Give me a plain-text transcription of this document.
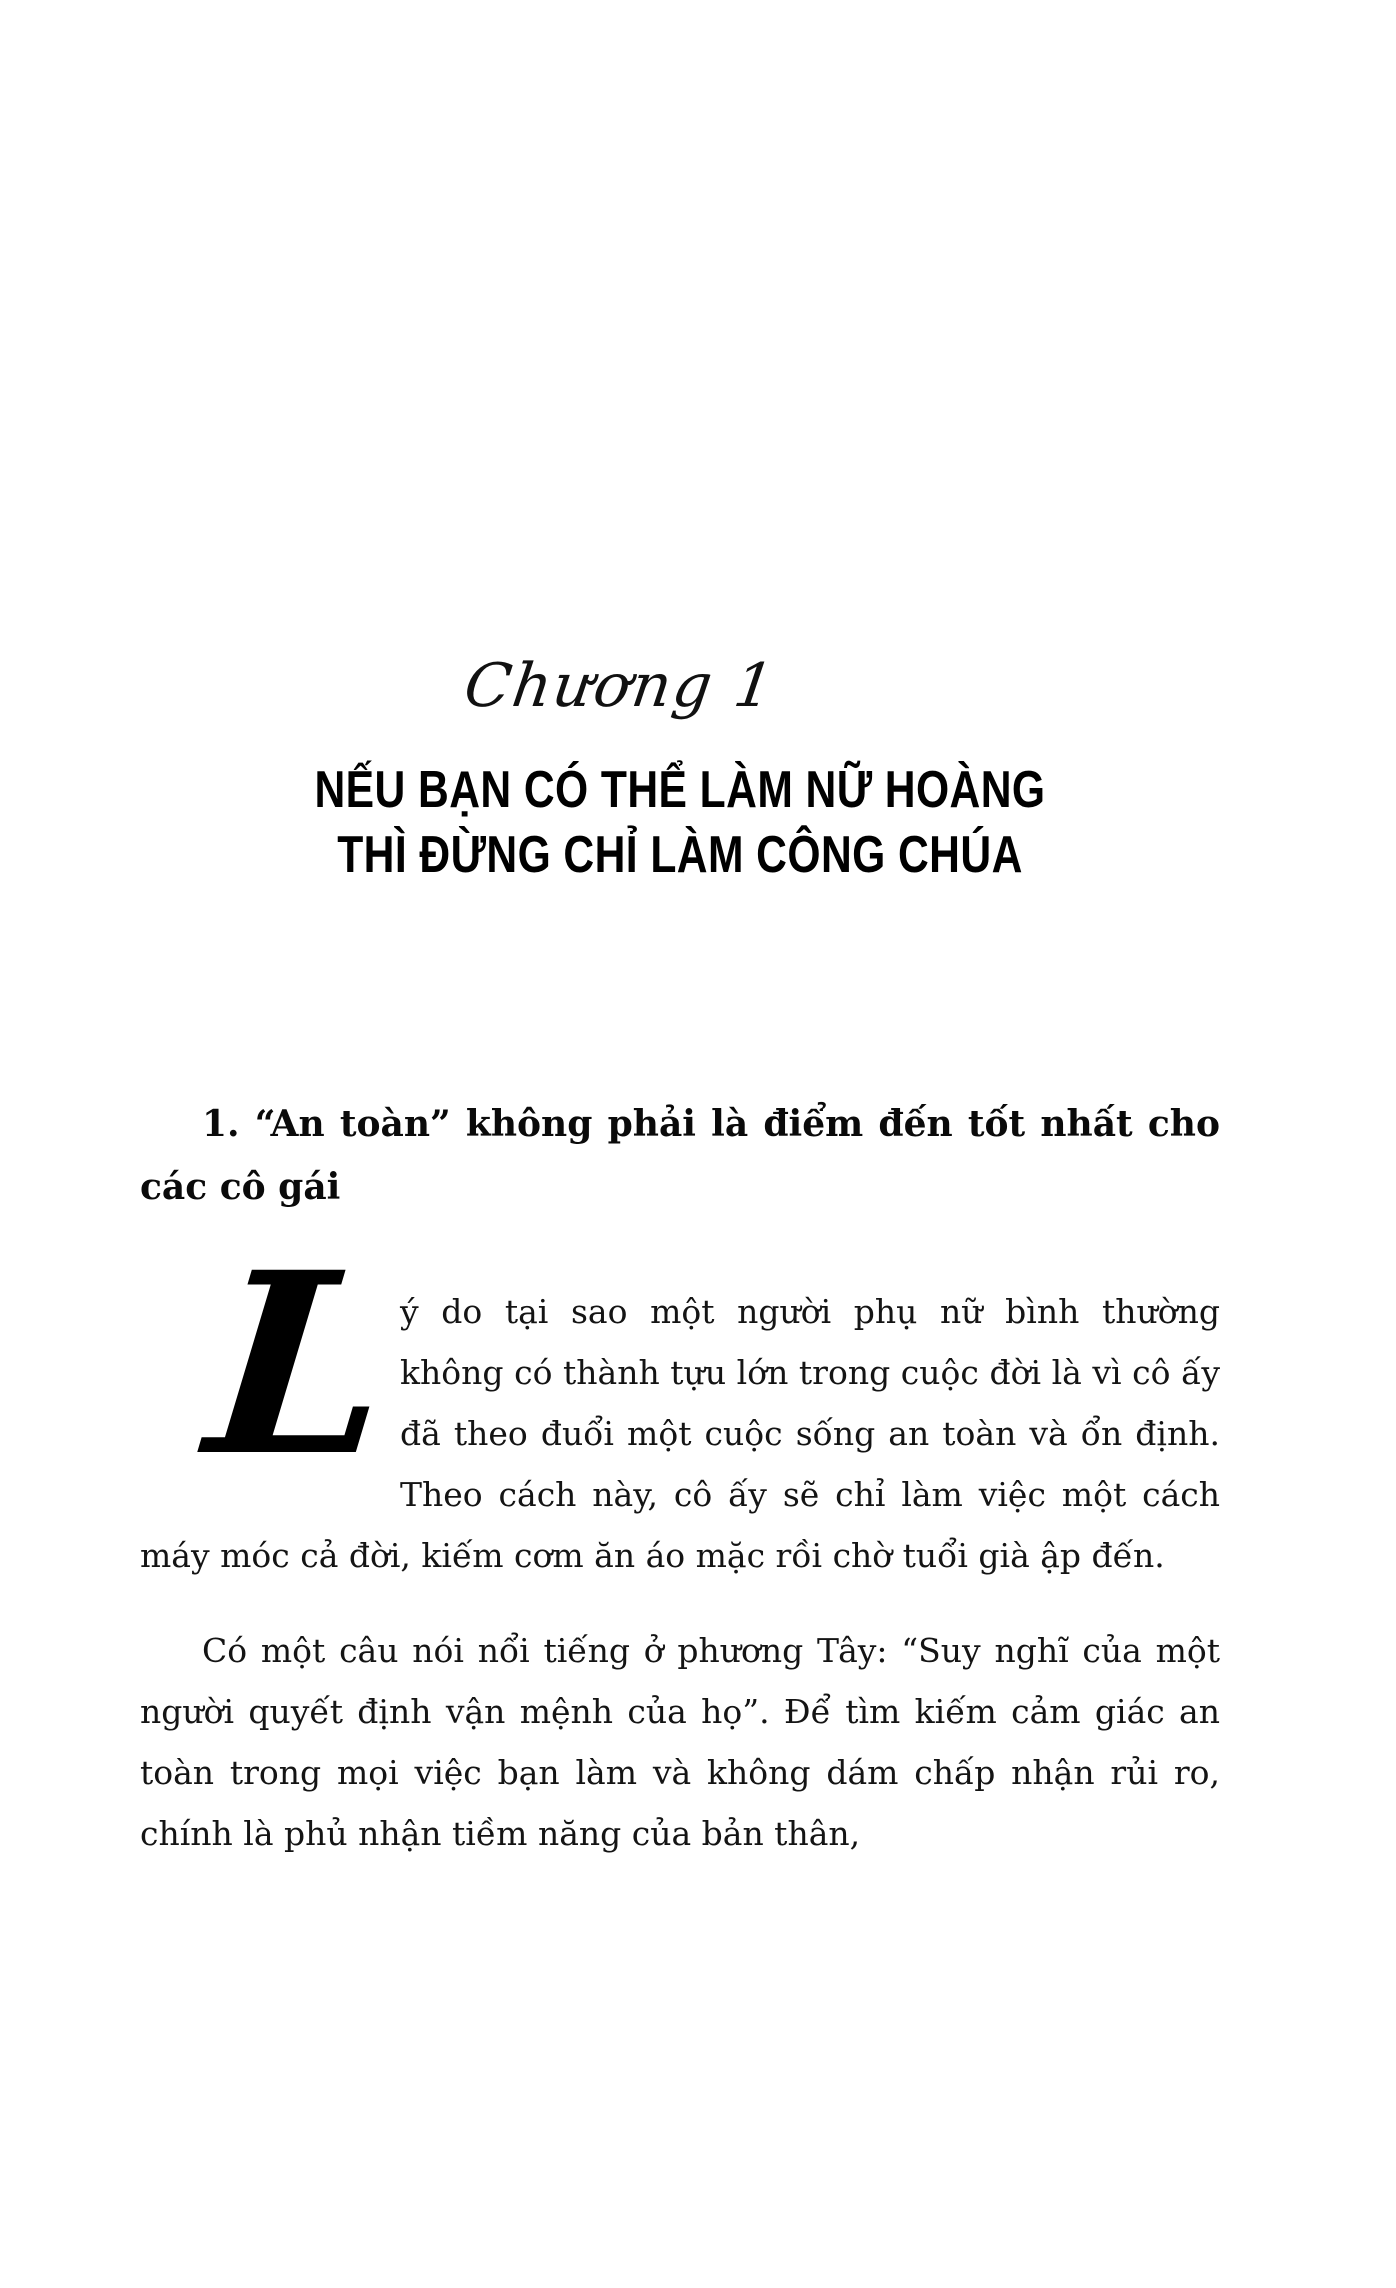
Chương 1
NẾU BẠN CÓ THỂ LÀM NỮ HOÀNG
THÌ ĐỪNG CHỈ LÀM CÔNG CHÚA
1. “An toàn” không phải là điểm đến tốt nhất cho các cô gái
L
ý do tại sao một người phụ nữ bình thường không có thành tựu lớn trong cuộc đời là vì cô ấy đã theo đuổi một cuộc sống an toàn và ổn định. Theo cách này, cô ấy sẽ chỉ làm việc một cách máy móc cả đời, kiếm cơm ăn áo mặc rồi chờ tuổi già ập đến.

Có một câu nói nổi tiếng ở phương Tây: “Suy nghĩ của một người quyết định vận mệnh của họ”. Để tìm kiếm cảm giác an toàn trong mọi việc bạn làm và không dám chấp nhận rủi ro, chính là phủ nhận tiềm năng của bản thân,
